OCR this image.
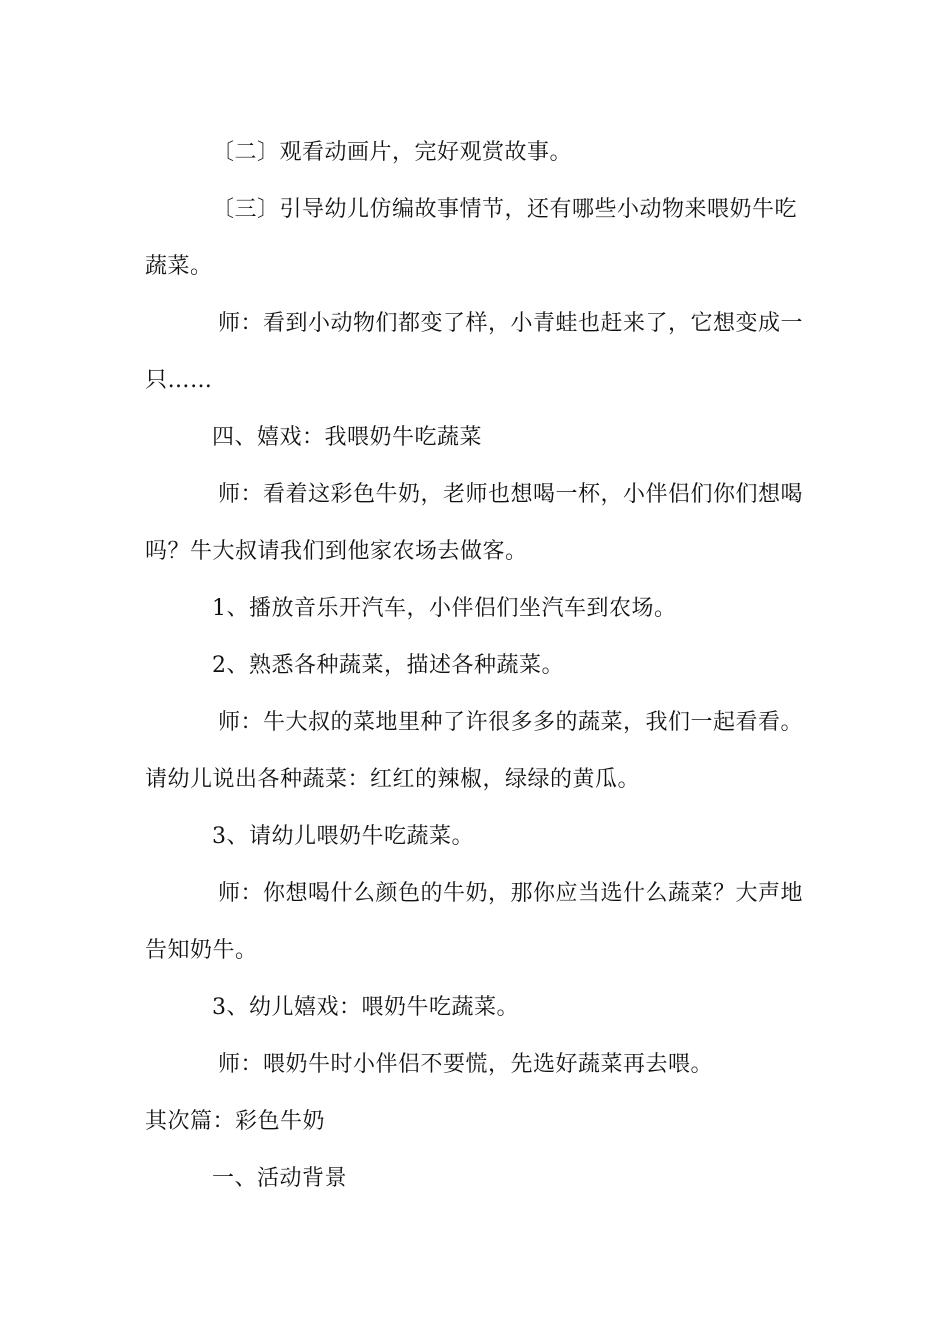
〔二〕观看动画片，完好观赏故事。
〔三〕引导幼儿仿编故事情节，还有哪些小动物来喂奶牛吃
蔬菜。
师：看到小动物们都变了样，小青蛙也赶来了，它想变成一
只……
四、嬉戏：我喂奶牛吃蔬菜
师：看着这彩色牛奶，老师也想喝一杯，小伴侣们你们想喝
吗？牛大叔请我们到他家农场去做客。
1、播放音乐开汽车，小伴侣们坐汽车到农场。
2、熟悉各种蔬菜，描述各种蔬菜。
师：牛大叔的菜地里种了许很多多的蔬菜，我们一起看看。
请幼儿说出各种蔬菜：红红的辣椒，绿绿的黄瓜。
3、请幼儿喂奶牛吃蔬菜。
师：你想喝什么颜色的牛奶，那你应当选什么蔬菜？大声地
告知奶牛。
3、幼儿嬉戏：喂奶牛吃蔬菜。
师：喂奶牛时小伴侣不要慌，先选好蔬菜再去喂。
其次篇：彩色牛奶
一、活动背景
